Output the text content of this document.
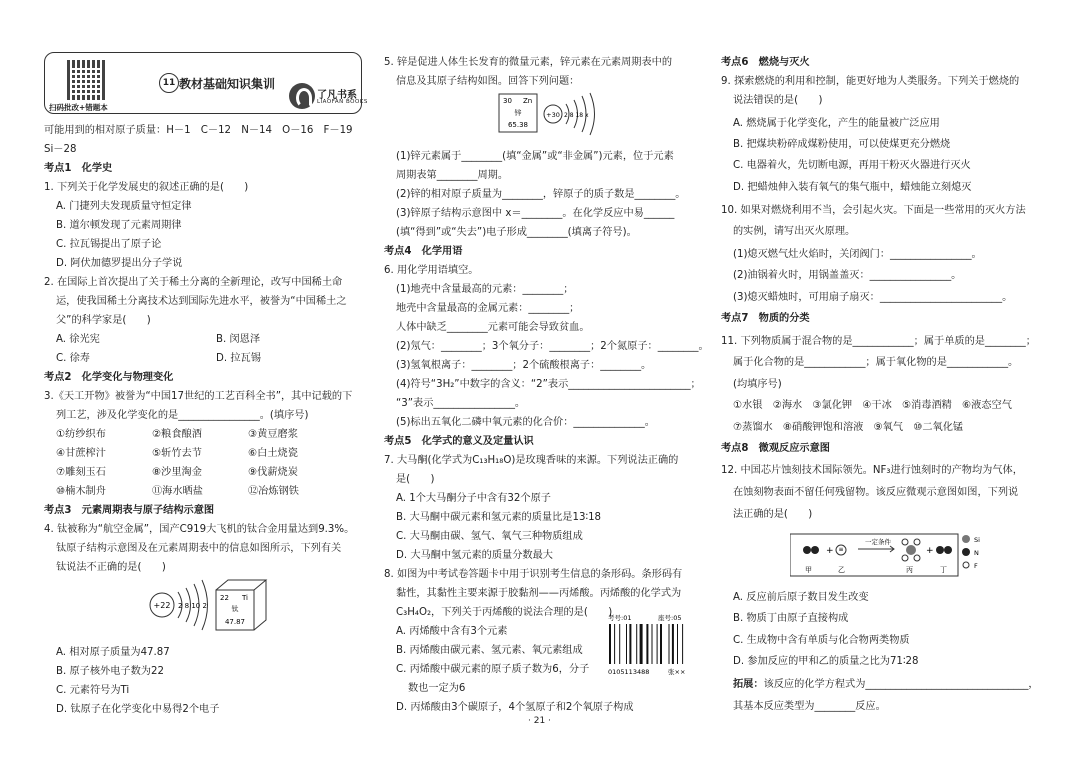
扫码批改+错题本
11 教材基础知识集训
了凡书系
LIAOFAN BOOKS
可能用到的相对原子质量：H－1　C－12　N－14　O－16　F－19
Si－28
考点1　化学史
1. 下列关于化学发展史的叙述正确的是(　　)
A. 门捷列夫发现质量守恒定律
B. 道尔顿发现了元素周期律
C. 拉瓦锡提出了原子论
D. 阿伏加德罗提出分子学说
2. 在国际上首次提出了关于稀土分离的全新理论，改写中国稀土命
运，使我国稀土分离技术达到国际先进水平，被誉为“中国稀土之
父”的科学家是(　　)
A. 徐光宪	B. 闵恩泽
C. 徐寿	D. 拉瓦锡
考点2　化学变化与物理变化
3.《天工开物》被誉为“中国17世纪的工艺百科全书”，其中记载的下
列工艺，涉及化学变化的是________________。(填序号)
①纺纱织布	②粮食酿酒	③黄豆磨浆
④甘蔗榨汁	⑤斩竹去节	⑥白土烧瓷
⑦雕刻玉石	⑧沙里淘金	⑨伐薪烧炭
⑩楠木制舟	⑪海水晒盐	⑫冶炼钢铁
考点3　元素周期表与原子结构示意图
4. 钛被称为“航空金属”，国产C919大飞机的钛合金用量达到9.3%。
钛原子结构示意图及在元素周期表中的信息如图所示，下列有关
钛说法不正确的是(　　)
A. 相对原子质量为47.87
B. 原子核外电子数为22
C. 元素符号为Ti
D. 钛原子在化学变化中易得2个电子
5. 锌是促进人体生长发育的微量元素，锌元素在元素周期表中的
信息及其原子结构如图。回答下列问题：
(1)锌元素属于________(填“金属”或“非金属”)元素，位于元素
周期表第________周期。
(2)锌的相对原子质量为________，锌原子的质子数是________。
(3)锌原子结构示意图中 x＝________。在化学反应中易______
(填“得到”或“失去”)电子形成________(填离子符号)。
考点4　化学用语
6. 用化学用语填空。
(1)地壳中含量最高的元素：________；
地壳中含量最高的金属元素：________；
人体中缺乏________元素可能会导致贫血。
(2)氖气：________；3个氧分子：________；2个氮原子：________。
(3)氢氧根离子：________；2个硫酸根离子：________。
(4)符号“3H₂”中数字的含义：“2”表示________________________；
“3”表示________________。
(5)标出五氧化二磷中氧元素的化合价：______________。
考点5　化学式的意义及定量认识
7. 大马酮(化学式为C₁₃H₁₈O)是玫瑰香味的来源。下列说法正确的
是(　　)
A. 1个大马酮分子中含有32个原子
B. 大马酮中碳元素和氢元素的质量比是13∶18
C. 大马酮由碳、氢气、氧气三种物质组成
D. 大马酮中氢元素的质量分数最大
8. 如图为中考试卷答题卡中用于识别考生信息的条形码。条形码有
黏性，其黏性主要来源于胶黏剂——丙烯酸。丙烯酸的化学式为
C₃H₄O₂，下列关于丙烯酸的说法合理的是(　　)
A. 丙烯酸中含有3个元素
B. 丙烯酸由碳元素、氢元素、氧元素组成
C. 丙烯酸中碳元素的原子质子数为6，分子
数也一定为6
D. 丙烯酸由3个碳原子，4个氢原子和2个氧原子构成
考点6　燃烧与灭火
9. 探索燃烧的利用和控制，能更好地为人类服务。下列关于燃烧的
说法错误的是(　　)
A. 燃烧属于化学变化，产生的能量被广泛应用
B. 把煤块粉碎成煤粉使用，可以使煤更充分燃烧
C. 电器着火，先切断电源，再用干粉灭火器进行灭火
D. 把蜡烛伸入装有氧气的集气瓶中，蜡烛能立刻熄灭
10. 如果对燃烧利用不当，会引起火灾。下面是一些常用的灭火方法
的实例，请写出灭火原理。
(1)熄灭燃气灶火焰时，关闭阀门：________________。
(2)油锅着火时，用锅盖盖灭：________________。
(3)熄灭蜡烛时，可用扇子扇灭：________________________。
考点7　物质的分类
11. 下列物质属于混合物的是____________；属于单质的是________；
属于化合物的是____________；属于氧化物的是____________。
(均填序号)
①水银　②海水　③氯化钾　④干冰　⑤消毒酒精　⑥液态空气
⑦蒸馏水　⑧硝酸钾饱和溶液　⑨氧气　⑩二氧化锰
考点8　微观反应示意图
12. 中国芯片蚀刻技术国际领先。NF₃进行蚀刻时的产物均为气体，
在蚀刻物表面不留任何残留物。该反应微观示意图如图，下列说
法正确的是(　　)
A. 反应前后原子数目发生改变
B. 物质丁由原子直接构成
C. 生成物中含有单质与化合物两类物质
D. 参加反应的甲和乙的质量之比为71∶28
拓展：该反应的化学方程式为________________________________，
其基本反应类型为________反应。
+22 2 8 10 2
22 Ti
钛
47.87
30 Zn
锌
65.38
+30 2 8 18 x
考号:01	座号:05
0105113488	张××
+ ≡
一定条件
+
甲	乙	丙	丁
Si
N
F
· 21 ·
